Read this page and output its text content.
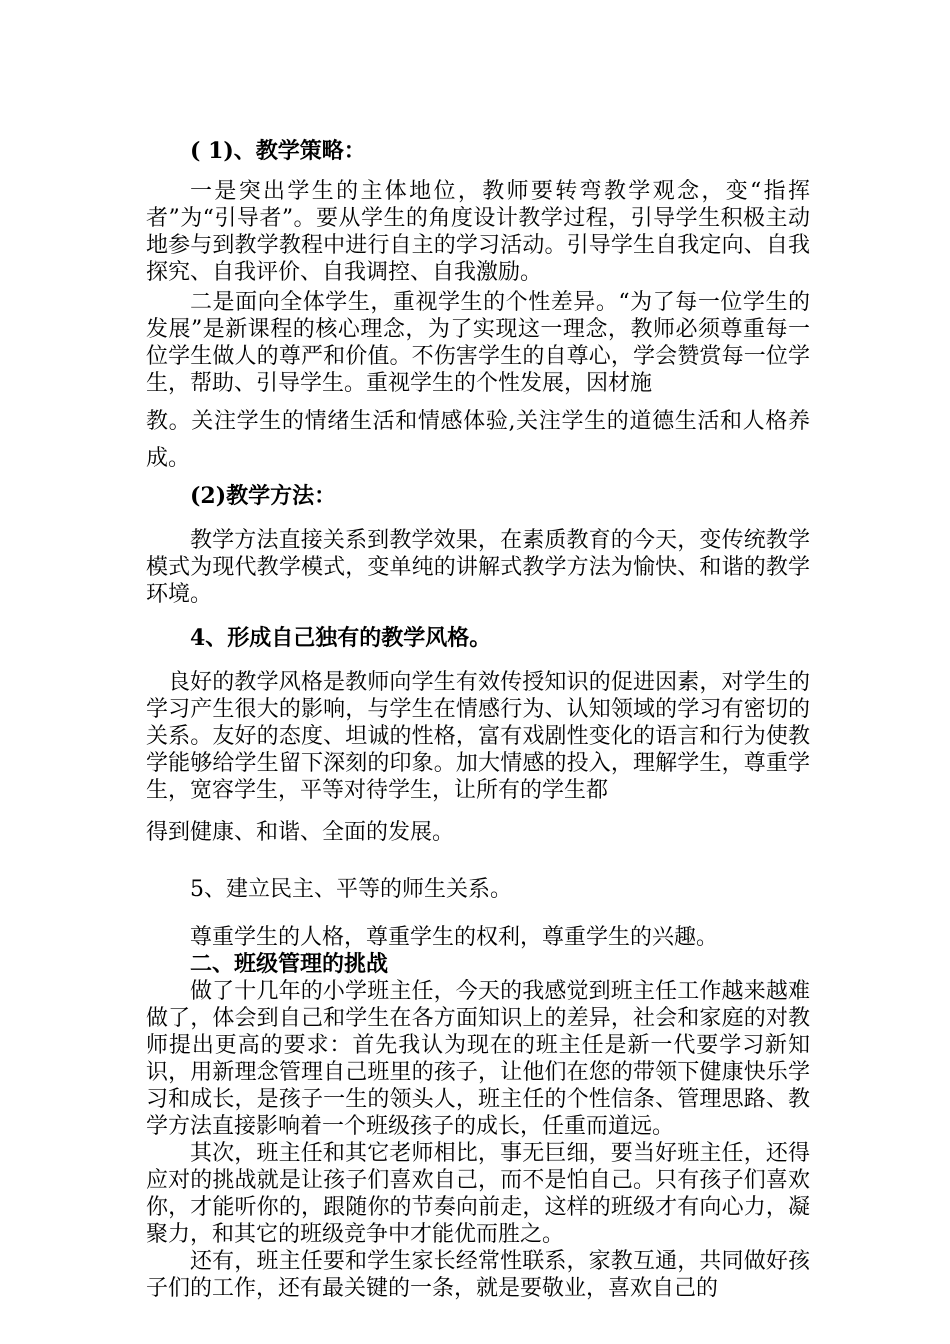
( 1)、教学策略：

一是突出学生的主体地位，教师要转弯教学观念，变“指挥者”为“引导者”。要从学生的角度设计教学过程，引导学生积极主动地参与到教学教程中进行自主的学习活动。引导学生自我定向、自我探究、自我评价、自我调控、自我激励。

二是面向全体学生，重视学生的个性差异。“为了每一位学生的发展”是新课程的核心理念，为了实现这一理念，教师必须尊重每一位学生做人的尊严和价值。不伤害学生的自尊心，学会赞赏每一位学生，帮助、引导学生。重视学生的个性发展，因材施

教。关注学生的情绪生活和情感体验,关注学生的道德生活和人格养成。

(2)教学方法：

教学方法直接关系到教学效果，在素质教育的今天，变传统教学模式为现代教学模式，变单纯的讲解式教学方法为愉快、和谐的教学环境。

4、形成自己独有的教学风格。

良好的教学风格是教师向学生有效传授知识的促进因素，对学生的学习产生很大的影响，与学生在情感行为、认知领域的学习有密切的关系。友好的态度、坦诚的性格，富有戏剧性变化的语言和行为使教学能够给学生留下深刻的印象。加大情感的投入，理解学生，尊重学生，宽容学生，平等对待学生，让所有的学生都

得到健康、和谐、全面的发展。

5、建立民主、平等的师生关系。

尊重学生的人格，尊重学生的权利，尊重学生的兴趣。

二、班级管理的挑战

做了十几年的小学班主任，今天的我感觉到班主任工作越来越难做了，体会到自己和学生在各方面知识上的差异，社会和家庭的对教师提出更高的要求：首先我认为现在的班主任是新一代要学习新知识，用新理念管理自己班里的孩子，让他们在您的带领下健康快乐学习和成长，是孩子一生的领头人，班主任的个性信条、管理思路、教学方法直接影响着一个班级孩子的成长，任重而道远。

其次，班主任和其它老师相比，事无巨细，要当好班主任，还得应对的挑战就是让孩子们喜欢自己，而不是怕自己。只有孩子们喜欢你，才能听你的，跟随你的节奏向前走，这样的班级才有向心力，凝聚力，和其它的班级竞争中才能优而胜之。

还有，班主任要和学生家长经常性联系，家教互通，共同做好孩子们的工作，还有最关键的一条，就是要敬业，喜欢自己的
